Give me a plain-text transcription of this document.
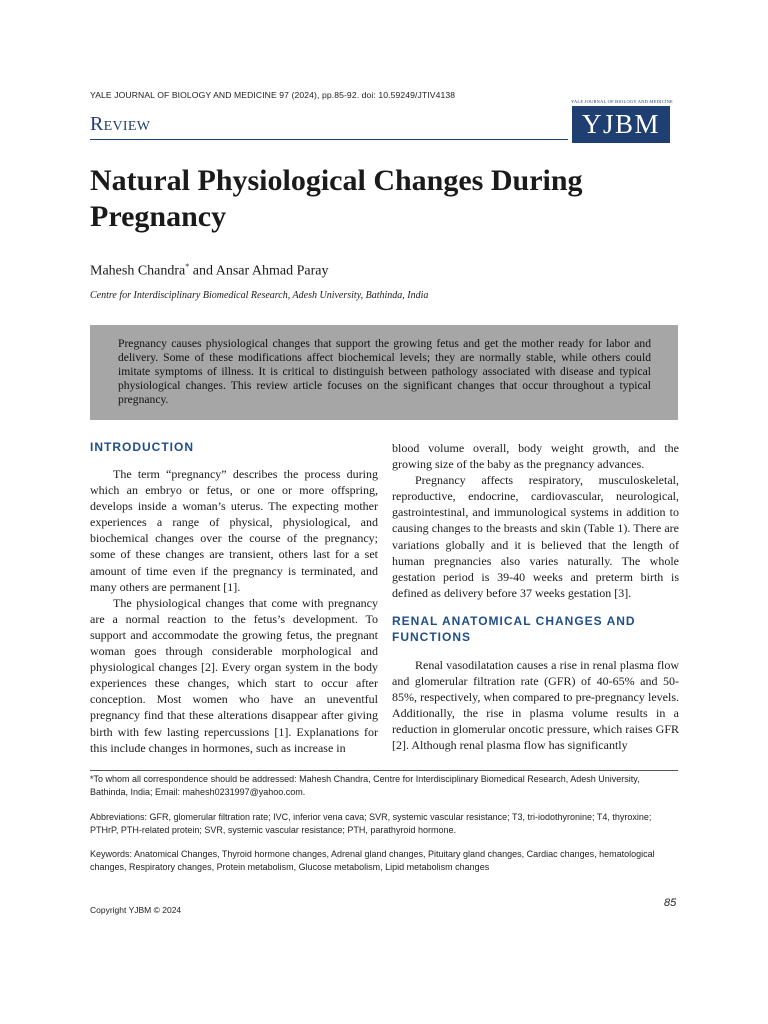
YALE JOURNAL OF BIOLOGY AND MEDICINE 97 (2024), pp.85-92. doi: 10.59249/JTIV4138
Review
YALE JOURNAL OF BIOLOGY AND MEDICINE
YJBM
Natural Physiological Changes During Pregnancy
Mahesh Chandra* and Ansar Ahmad Paray
Centre for Interdisciplinary Biomedical Research, Adesh University, Bathinda, India
Pregnancy causes physiological changes that support the growing fetus and get the mother ready for labor and delivery. Some of these modifications affect biochemical levels; they are normally stable, while others could imitate symptoms of illness. It is critical to distinguish between pathology associated with disease and typical physiological changes. This review article focuses on the significant changes that occur throughout a typical pregnancy.
INTRODUCTION

The term “pregnancy” describes the process during which an embryo or fetus, or one or more offspring, develops inside a woman’s uterus. The expecting mother experiences a range of physical, physiological, and biochemical changes over the course of the pregnancy; some of these changes are transient, others last for a set amount of time even if the pregnancy is terminated, and many others are permanent [1].

The physiological changes that come with pregnancy are a normal reaction to the fetus’s development. To support and accommodate the growing fetus, the pregnant woman goes through considerable morphological and physiological changes [2]. Every organ system in the body experiences these changes, which start to occur after conception. Most women who have an uneventful pregnancy find that these alterations disappear after giving birth with few lasting repercussions [1]. Explanations for this include changes in hormones, such as increase in

blood volume overall, body weight growth, and the growing size of the baby as the pregnancy advances.

Pregnancy affects respiratory, musculoskeletal, reproductive, endocrine, cardiovascular, neurological, gastrointestinal, and immunological systems in addition to causing changes to the breasts and skin (Table 1). There are variations globally and it is believed that the length of human pregnancies also varies naturally. The whole gestation period is 39-40 weeks and preterm birth is defined as delivery before 37 weeks gestation [3].

RENAL ANATOMICAL CHANGES AND FUNCTIONS

Renal vasodilatation causes a rise in renal plasma flow and glomerular filtration rate (GFR) of 40-65% and 50-85%, respectively, when compared to pre-pregnancy levels. Additionally, the rise in plasma volume results in a reduction in glomerular oncotic pressure, which raises GFR [2]. Although renal plasma flow has significantly

*To whom all correspondence should be addressed: Mahesh Chandra, Centre for Interdisciplinary Biomedical Research, Adesh University, Bathinda, India; Email: mahesh0231997@yahoo.com.
Abbreviations: GFR, glomerular filtration rate; IVC, inferior vena cava; SVR, systemic vascular resistance; T3, tri-iodothyronine; T4, thyroxine; PTHrP, PTH-related protein; SVR, systemic vascular resistance; PTH, parathyroid hormone.
Keywords: Anatomical Changes, Thyroid hormone changes, Adrenal gland changes, Pituitary gland changes, Cardiac changes, hematological changes, Respiratory changes, Protein metabolism, Glucose metabolism, Lipid metabolism changes
85
Copyright YJBM © 2024
